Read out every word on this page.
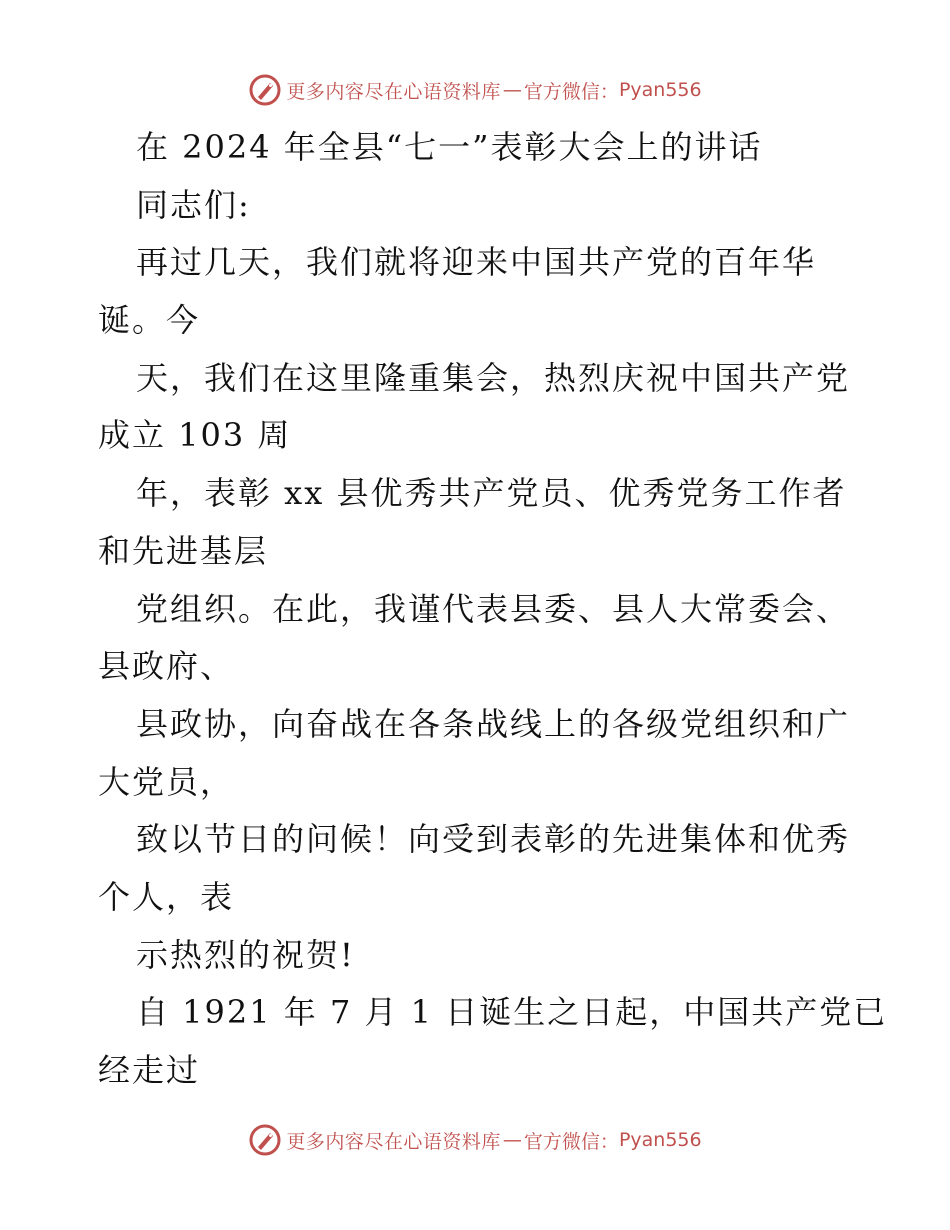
更多内容尽在心语资料库 — 官方微信： Pyan556
在 2024 年全县“七一”表彰大会上的讲话
同志们:
再过几天，我们就将迎来中国共产党的百年华
诞。今
天，我们在这里隆重集会，热烈庆祝中国共产党
成立 103 周
年，表彰 xx 县优秀共产党员、优秀党务工作者
和先进基层
党组织。在此，我谨代表县委、县人大常委会、
县政府、
县政协，向奋战在各条战线上的各级党组织和广
大党员，
致以节日的问候！向受到表彰的先进集体和优秀
个人，表
示热烈的祝贺!
自 1921 年 7 月 1 日诞生之日起，中国共产党已
经走过
更多内容尽在心语资料库 — 官方微信： Pyan556
